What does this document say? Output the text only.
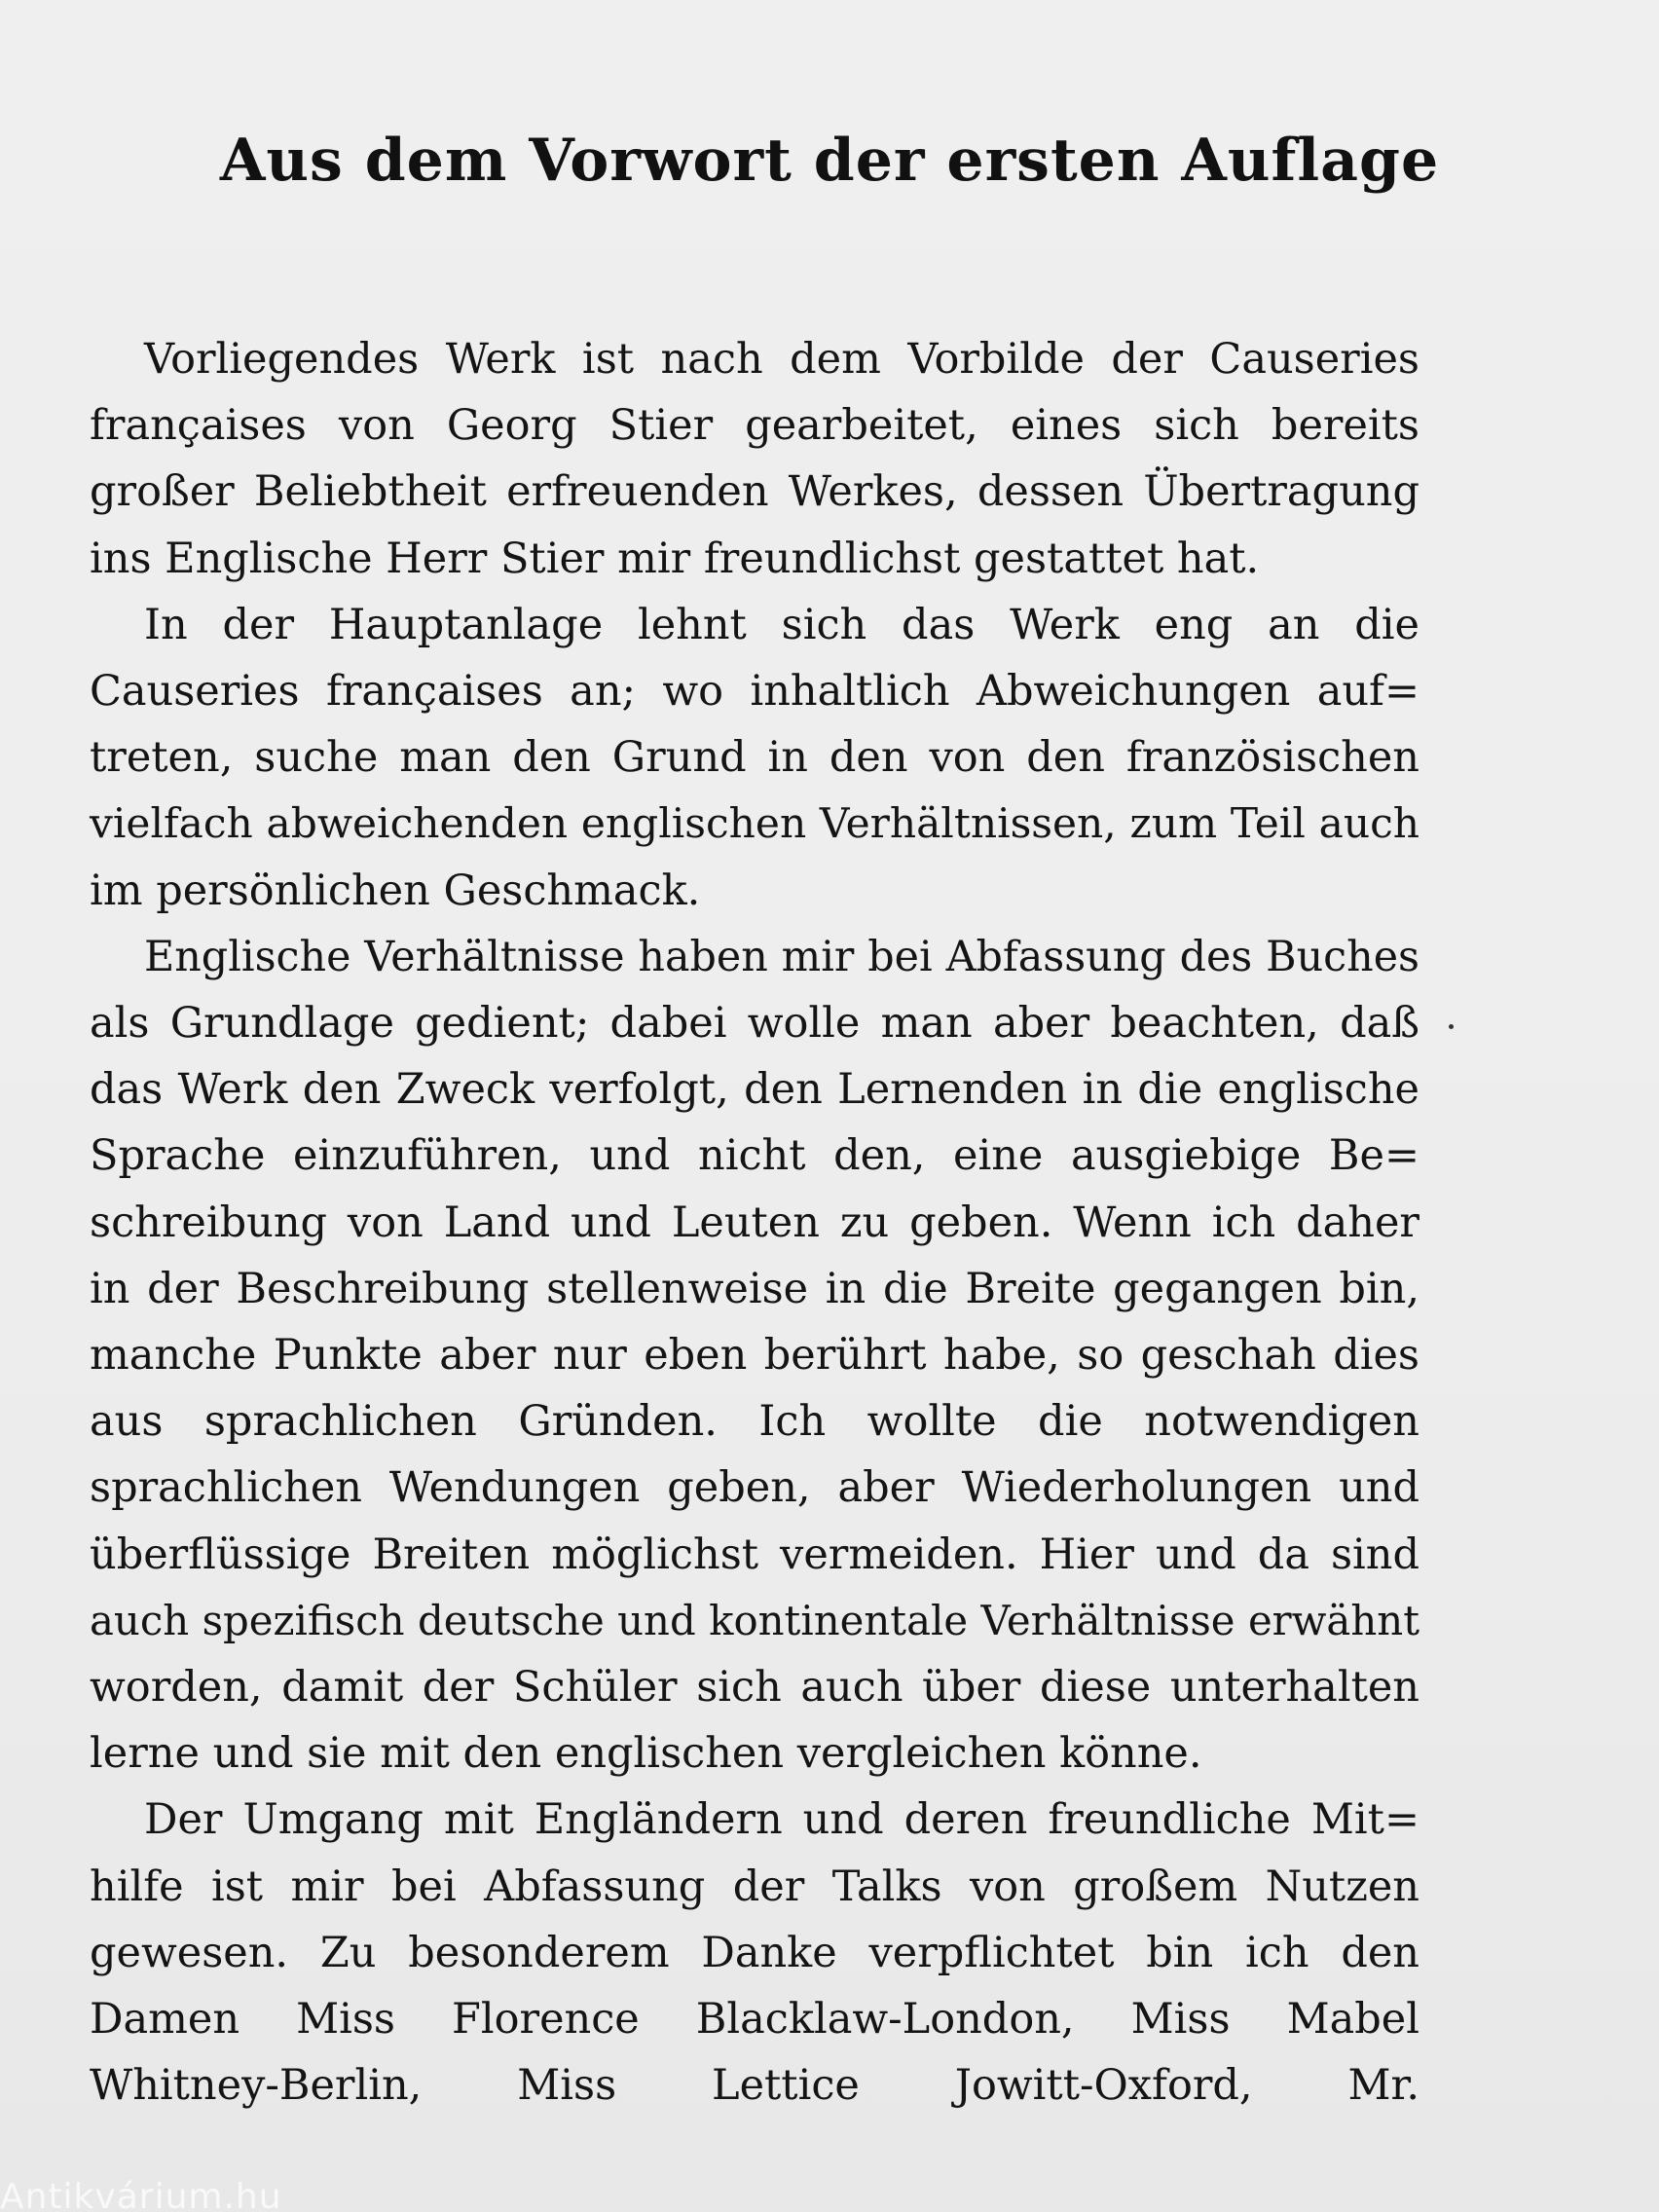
Aus dem Vorwort der ersten Auflage

Vorliegendes Werk ist nach dem Vorbilde der Causeries
françaises von Georg Stier gearbeitet, eines sich bereits
großer Beliebtheit erfreuenden Werkes, dessen Übertragung
ins Englische Herr Stier mir freundlichst gestattet hat.

In der Hauptanlage lehnt sich das Werk eng an die
Causeries françaises an; wo inhaltlich Abweichungen auf=
treten, suche man den Grund in den von den französischen
vielfach abweichenden englischen Verhältnissen, zum Teil auch
im persönlichen Geschmack.

Englische Verhältnisse haben mir bei Abfassung des Buches
als Grundlage gedient; dabei wolle man aber beachten, daß
das Werk den Zweck verfolgt, den Lernenden in die englische
Sprache einzuführen, und nicht den, eine ausgiebige Be=
schreibung von Land und Leuten zu geben. Wenn ich daher
in der Beschreibung stellenweise in die Breite gegangen bin,
manche Punkte aber nur eben berührt habe, so geschah dies
aus sprachlichen Gründen. Ich wollte die notwendigen
sprachlichen Wendungen geben, aber Wiederholungen und
überflüssige Breiten möglichst vermeiden. Hier und da sind
auch spezifisch deutsche und kontinentale Verhältnisse erwähnt
worden, damit der Schüler sich auch über diese unterhalten
lerne und sie mit den englischen vergleichen könne.

Der Umgang mit Engländern und deren freundliche Mit=
hilfe ist mir bei Abfassung der Talks von großem Nutzen
gewesen. Zu besonderem Danke verpflichtet bin ich den
Damen Miss Florence Blacklaw-London, Miss Mabel
Whitney-Berlin, Miss Lettice Jowitt-Oxford, Mr.

Antikvárium.hu
